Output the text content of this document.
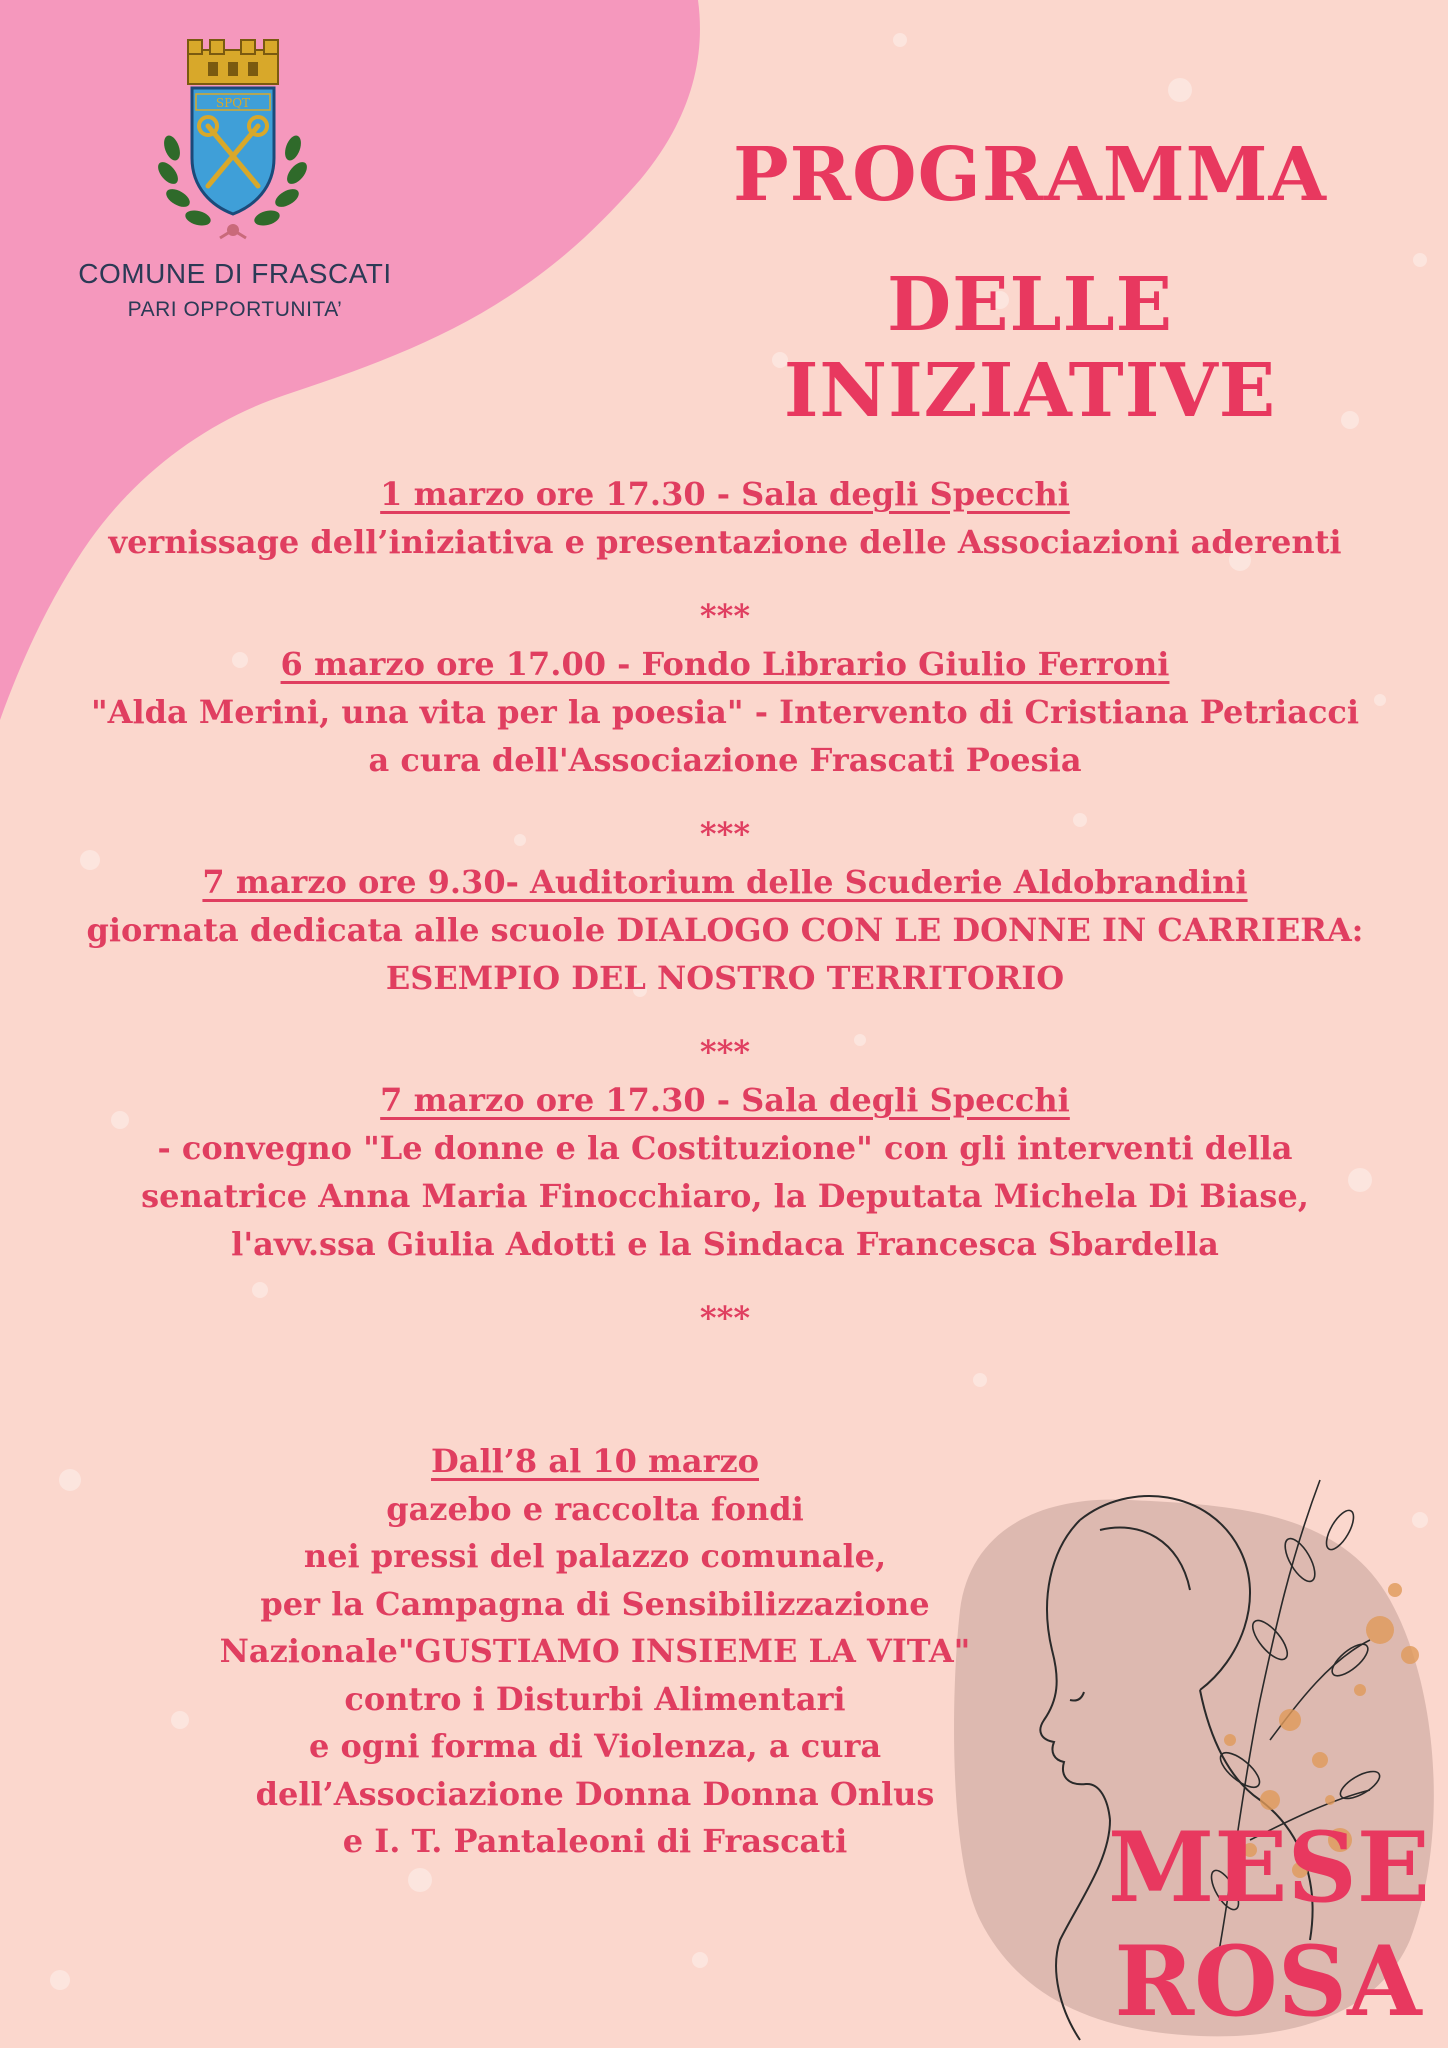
SPQT
COMUNE DI FRASCATI
PARI OPPORTUNITA’
PROGRAMMA
DELLE INIZIATIVE
1 marzo ore 17.30 - Sala degli Specchi
vernissage dell’iniziativa e presentazione delle Associazioni aderenti
***
6 marzo ore 17.00 - Fondo Librario Giulio Ferroni
"Alda Merini, una vita per la poesia" - Intervento di Cristiana Petriacci
a cura dell'Associazione Frascati Poesia
***
7 marzo ore 9.30- Auditorium delle Scuderie Aldobrandini
giornata dedicata alle scuole DIALOGO CON LE DONNE IN CARRIERA:
ESEMPIO DEL NOSTRO TERRITORIO
***
7 marzo ore 17.30 - Sala degli Specchi
- convegno "Le donne e la Costituzione" con gli interventi della
senatrice Anna Maria Finocchiaro, la Deputata Michela Di Biase,
l'avv.ssa Giulia Adotti e la Sindaca Francesca Sbardella
***
Dall’8 al 10 marzo
gazebo e raccolta fondi
nei pressi del palazzo comunale,
per la Campagna di Sensibilizzazione
Nazionale"GUSTIAMO INSIEME LA VITA"
contro i Disturbi Alimentari
e ogni forma di Violenza, a cura
dell’Associazione Donna Donna Onlus
e I. T. Pantaleoni di Frascati	MESE
ROSA
